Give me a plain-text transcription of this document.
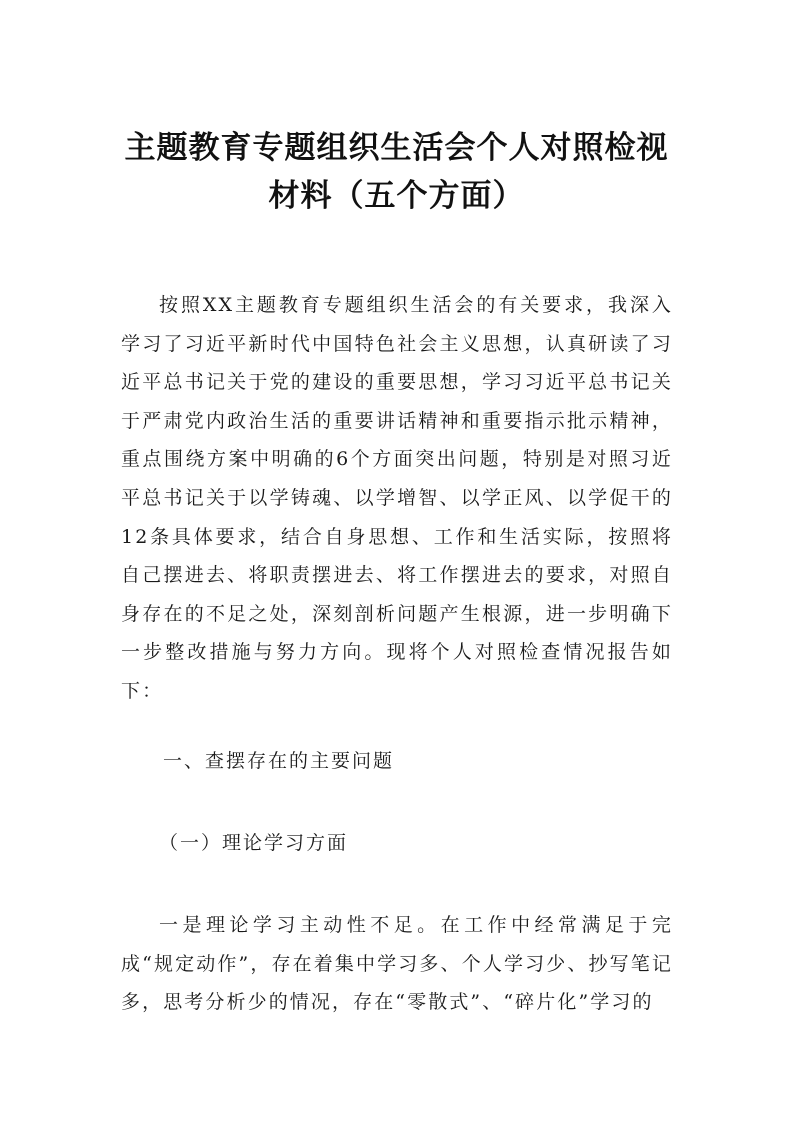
主题教育专题组织生活会个人对照检视材料（五个方面）

按照XX主题教育专题组织生活会的有关要求，我深入学习了习近平新时代中国特色社会主义思想，认真研读了习近平总书记关于党的建设的重要思想，学习习近平总书记关于严肃党内政治生活的重要讲话精神和重要指示批示精神，重点围绕方案中明确的6个方面突出问题，特别是对照习近平总书记关于以学铸魂、以学增智、以学正风、以学促干的12条具体要求，结合自身思想、工作和生活实际，按照将自己摆进去、将职责摆进去、将工作摆进去的要求，对照自身存在的不足之处，深刻剖析问题产生根源，进一步明确下一步整改措施与努力方向。现将个人对照检查情况报告如下：

一、查摆存在的主要问题

（一）理论学习方面

一是理论学习主动性不足。在工作中经常满足于完成“规定动作”，存在着集中学习多、个人学习少、抄写笔记多，思考分析少的情况，存在“零散式”、“碎片化”学习的
